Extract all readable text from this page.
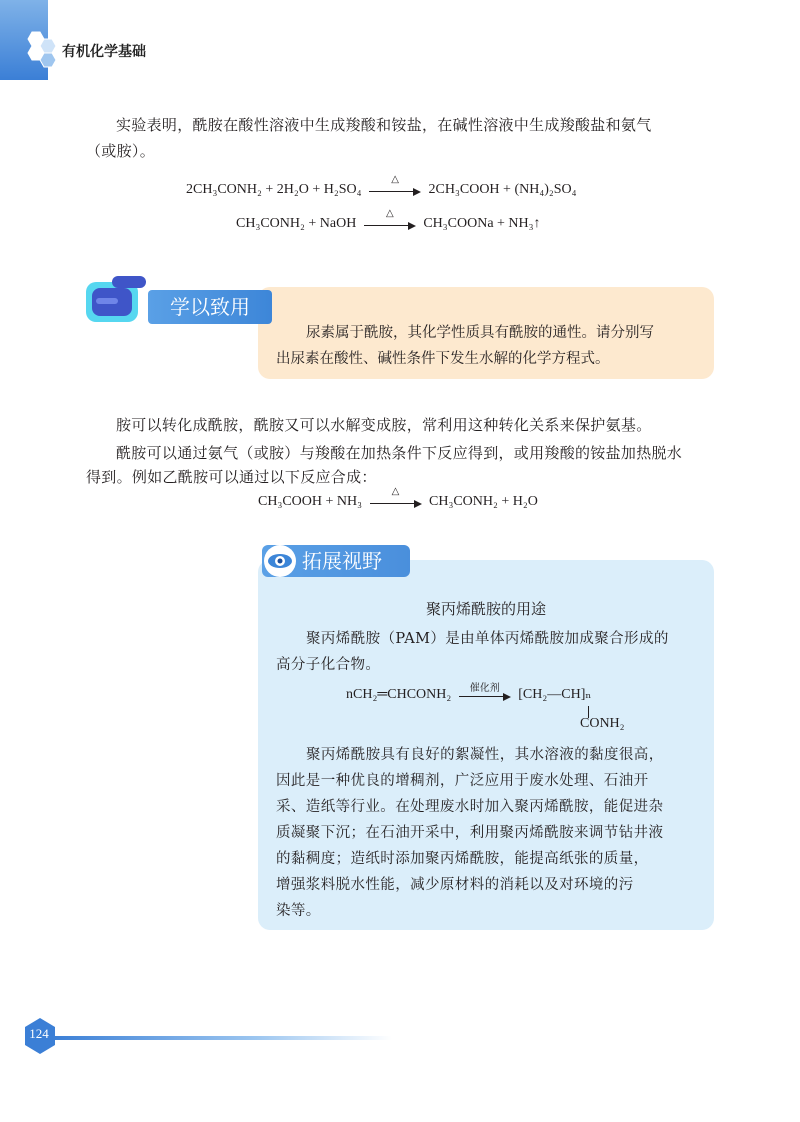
有机化学基础
实验表明，酰胺在酸性溶液中生成羧酸和铵盐，在碱性溶液中生成羧酸盐和氨气
（或胺）。
2CH₃CONH₂ + 2H₂O + H₂SO₄
△
2CH₃COOH + (NH₄)₂SO₄
CH₃CONH₂ + NaOH
△
CH₃COONa + NH₃↑
学以致用
尿素属于酰胺，其化学性质具有酰胺的通性。请分别写
出尿素在酸性、碱性条件下发生水解的化学方程式。
胺可以转化成酰胺，酰胺又可以水解变成胺，常利用这种转化关系来保护氨基。
酰胺可以通过氨气（或胺）与羧酸在加热条件下反应得到，或用羧酸的铵盐加热脱水
得到。例如乙酰胺可以通过以下反应合成：
CH₃COOH + NH₃
△
CH₃CONH₂ + H₂O
拓展视野
聚丙烯酰胺的用途
聚丙烯酰胺（PAM）是由单体丙烯酰胺加成聚合形成的
高分子化合物。
nCH₂═CHCONH₂	催化剂	[CH₂—CH]ₙ
CONH₂
聚丙烯酰胺具有良好的絮凝性，其水溶液的黏度很高，
因此是一种优良的增稠剂，广泛应用于废水处理、石油开
采、造纸等行业。在处理废水时加入聚丙烯酰胺，能促进杂
质凝聚下沉；在石油开采中，利用聚丙烯酰胺来调节钻井液
的黏稠度；造纸时添加聚丙烯酰胺，能提高纸张的质量，
增强浆料脱水性能，减少原材料的消耗以及对环境的污
染等。
124
